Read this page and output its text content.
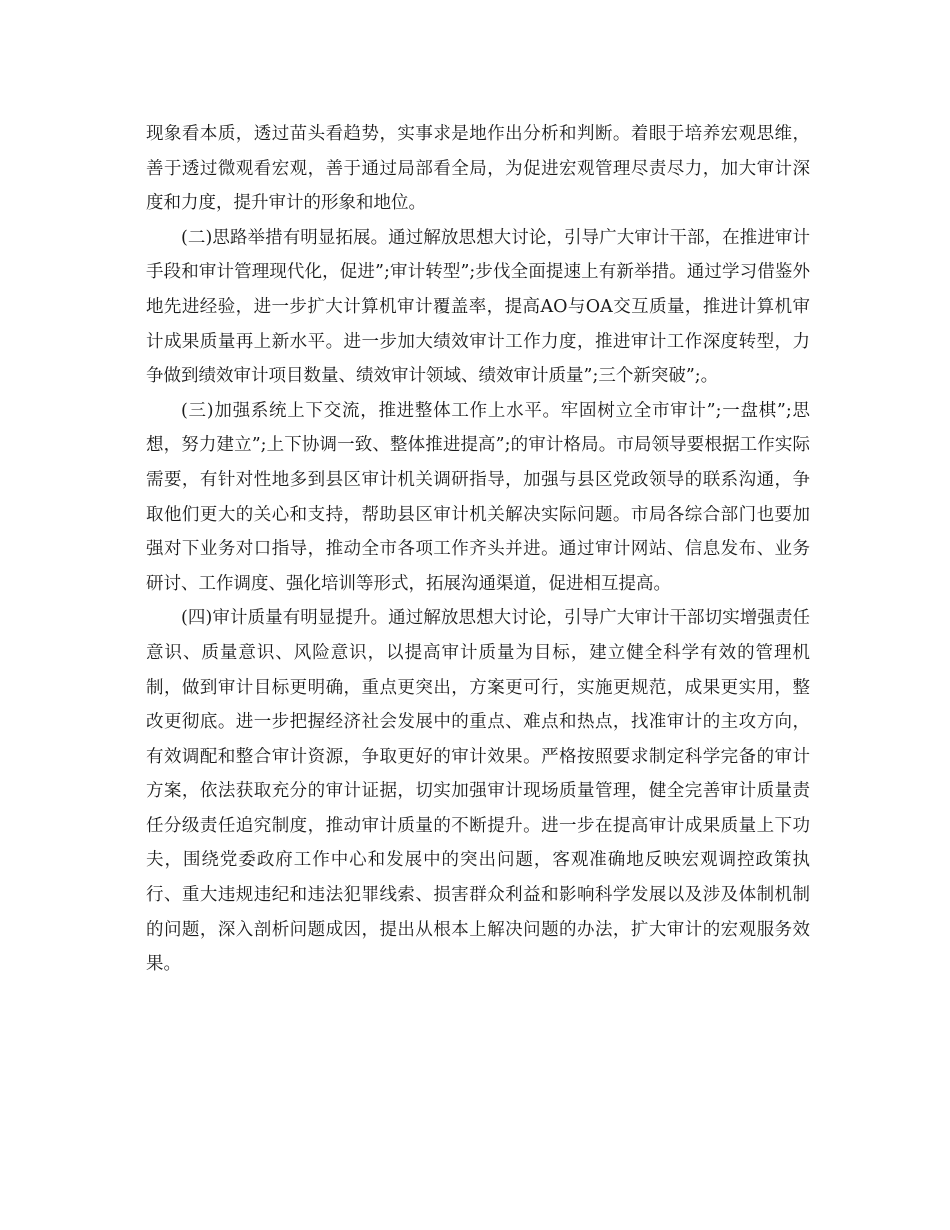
现象看本质，透过苗头看趋势，实事求是地作出分析和判断。着眼于培养宏观思维，善于透过微观看宏观，善于通过局部看全局，为促进宏观管理尽责尽力，加大审计深度和力度，提升审计的形象和地位。

(二)思路举措有明显拓展。通过解放思想大讨论，引导广大审计干部，在推进审计手段和审计管理现代化，促进”;审计转型”;步伐全面提速上有新举措。通过学习借鉴外地先进经验，进一步扩大计算机审计覆盖率，提高AO与OA交互质量，推进计算机审计成果质量再上新水平。进一步加大绩效审计工作力度，推进审计工作深度转型，力争做到绩效审计项目数量、绩效审计领域、绩效审计质量”;三个新突破”;。

(三)加强系统上下交流，推进整体工作上水平。牢固树立全市审计”;一盘棋”;思想，努力建立”;上下协调一致、整体推进提高”;的审计格局。市局领导要根据工作实际需要，有针对性地多到县区审计机关调研指导，加强与县区党政领导的联系沟通，争取他们更大的关心和支持，帮助县区审计机关解决实际问题。市局各综合部门也要加强对下业务对口指导，推动全市各项工作齐头并进。通过审计网站、信息发布、业务研讨、工作调度、强化培训等形式，拓展沟通渠道，促进相互提高。

(四)审计质量有明显提升。通过解放思想大讨论，引导广大审计干部切实增强责任意识、质量意识、风险意识，以提高审计质量为目标，建立健全科学有效的管理机制，做到审计目标更明确，重点更突出，方案更可行，实施更规范，成果更实用，整改更彻底。进一步把握经济社会发展中的重点、难点和热点，找准审计的主攻方向，有效调配和整合审计资源，争取更好的审计效果。严格按照要求制定科学完备的审计方案，依法获取充分的审计证据，切实加强审计现场质量管理，健全完善审计质量责任分级责任追究制度，推动审计质量的不断提升。进一步在提高审计成果质量上下功夫，围绕党委政府工作中心和发展中的突出问题，客观准确地反映宏观调控政策执行、重大违规违纪和违法犯罪线索、损害群众利益和影响科学发展以及涉及体制机制的问题，深入剖析问题成因，提出从根本上解决问题的办法，扩大审计的宏观服务效果。
